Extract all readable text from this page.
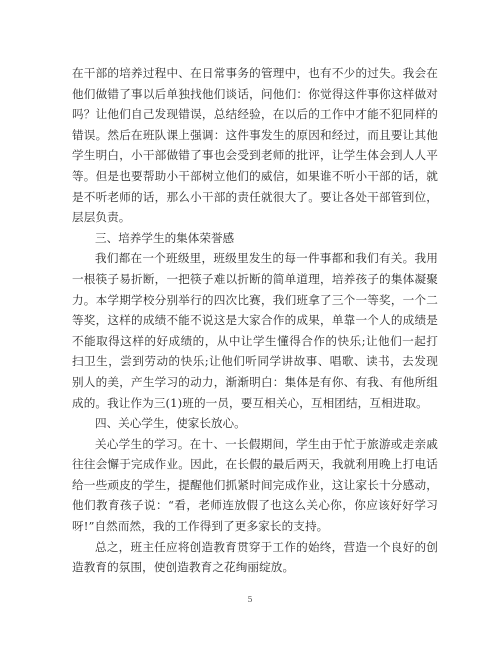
在干部的培养过程中、在日常事务的管理中，也有不少的过失。我会在他们做错了事以后单独找他们谈话，问他们：你觉得这件事你这样做对吗？让他们自己发现错误，总结经验，在以后的工作中才能不犯同样的错误。然后在班队课上强调：这件事发生的原因和经过，而且要让其他学生明白，小干部做错了事也会受到老师的批评，让学生体会到人人平等。但是也要帮助小干部树立他们的威信，如果谁不听小干部的话，就是不听老师的话，那么小干部的责任就很大了。要让各处干部管到位，层层负责。

三、培养学生的集体荣誉感

我们都在一个班级里，班级里发生的每一件事都和我们有关。我用一根筷子易折断，一把筷子难以折断的简单道理，培养孩子的集体凝聚力。本学期学校分别举行的四次比赛，我们班拿了三个一等奖，一个二等奖，这样的成绩不能不说这是大家合作的成果，单靠一个人的成绩是不能取得这样的好成绩的，从中让学生懂得合作的快乐;让他们一起打扫卫生，尝到劳动的快乐;让他们听同学讲故事、唱歌、读书，去发现别人的美，产生学习的动力，渐渐明白：集体是有你、有我、有他所组成的。我让作为三(1)班的一员，要互相关心，互相团结，互相进取。

四、关心学生，使家长放心。

关心学生的学习。在十、一长假期间，学生由于忙于旅游或走亲戚往往会懈于完成作业。因此，在长假的最后两天，我就利用晚上打电话给一些顽皮的学生，提醒他们抓紧时间完成作业，这让家长十分感动，他们教育孩子说：“看，老师连放假了也这么关心你，你应该好好学习呀!”自然而然，我的工作得到了更多家长的支持。

总之，班主任应将创造教育贯穿于工作的始终，营造一个良好的创造教育的氛围，使创造教育之花绚丽绽放。

5
